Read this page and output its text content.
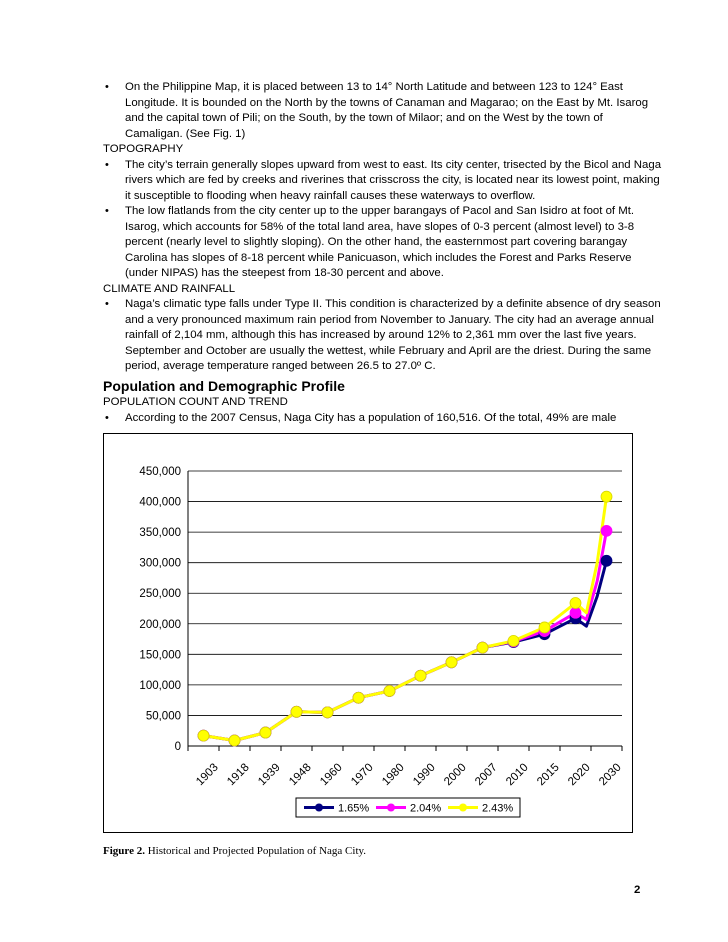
• On the Philippine Map, it is placed between 13 to 14° North Latitude and between 123 to 124° East Longitude. It is bounded on the North by the towns of Canaman and Magarao; on the East by Mt. Isarog and the capital town of Pili; on the South, by the town of Milaor; and on the West by the town of Camaligan. (See Fig. 1)
TOPOGRAPHY
• The city’s terrain generally slopes upward from west to east. Its city center, trisected by the Bicol and Naga rivers which are fed by creeks and riverines that crisscross the city, is located near its lowest point, making it susceptible to flooding when heavy rainfall causes these waterways to overflow.
• The low flatlands from the city center up to the upper barangays of Pacol and San Isidro at foot of Mt. Isarog, which accounts for 58% of the total land area, have slopes of 0-3 percent (almost level) to 3-8 percent (nearly level to slightly sloping). On the other hand, the easternmost part covering barangay Carolina has slopes of 8-18 percent while Panicuason, which includes the Forest and Parks Reserve (under NIPAS) has the steepest from 18-30 percent and above.
CLIMATE AND RAINFALL
• Naga’s climatic type falls under Type II. This condition is characterized by a definite absence of dry season and a very pronounced maximum rain period from November to January. The city had an average annual rainfall of 2,104 mm, although this has increased by around 12% to 2,361 mm over the last five years. September and October are usually the wettest, while February and April are the driest. During the same period, average temperature ranged between 26.5 to 27.0º C.
Population and Demographic Profile
POPULATION COUNT AND TREND
• According to the 2007 Census, Naga City has a population of 160,516. Of the total, 49% are male
0
50,000
100,000
150,000
200,000
250,000
300,000
350,000
400,000
450,000
1903 1918 1939 1948 1960 1970 1980 1990 2000 2007 2010 2015 2020 2030
1.65%	2.04%	2.43%
Figure 2. Historical and Projected Population of Naga City.
2
